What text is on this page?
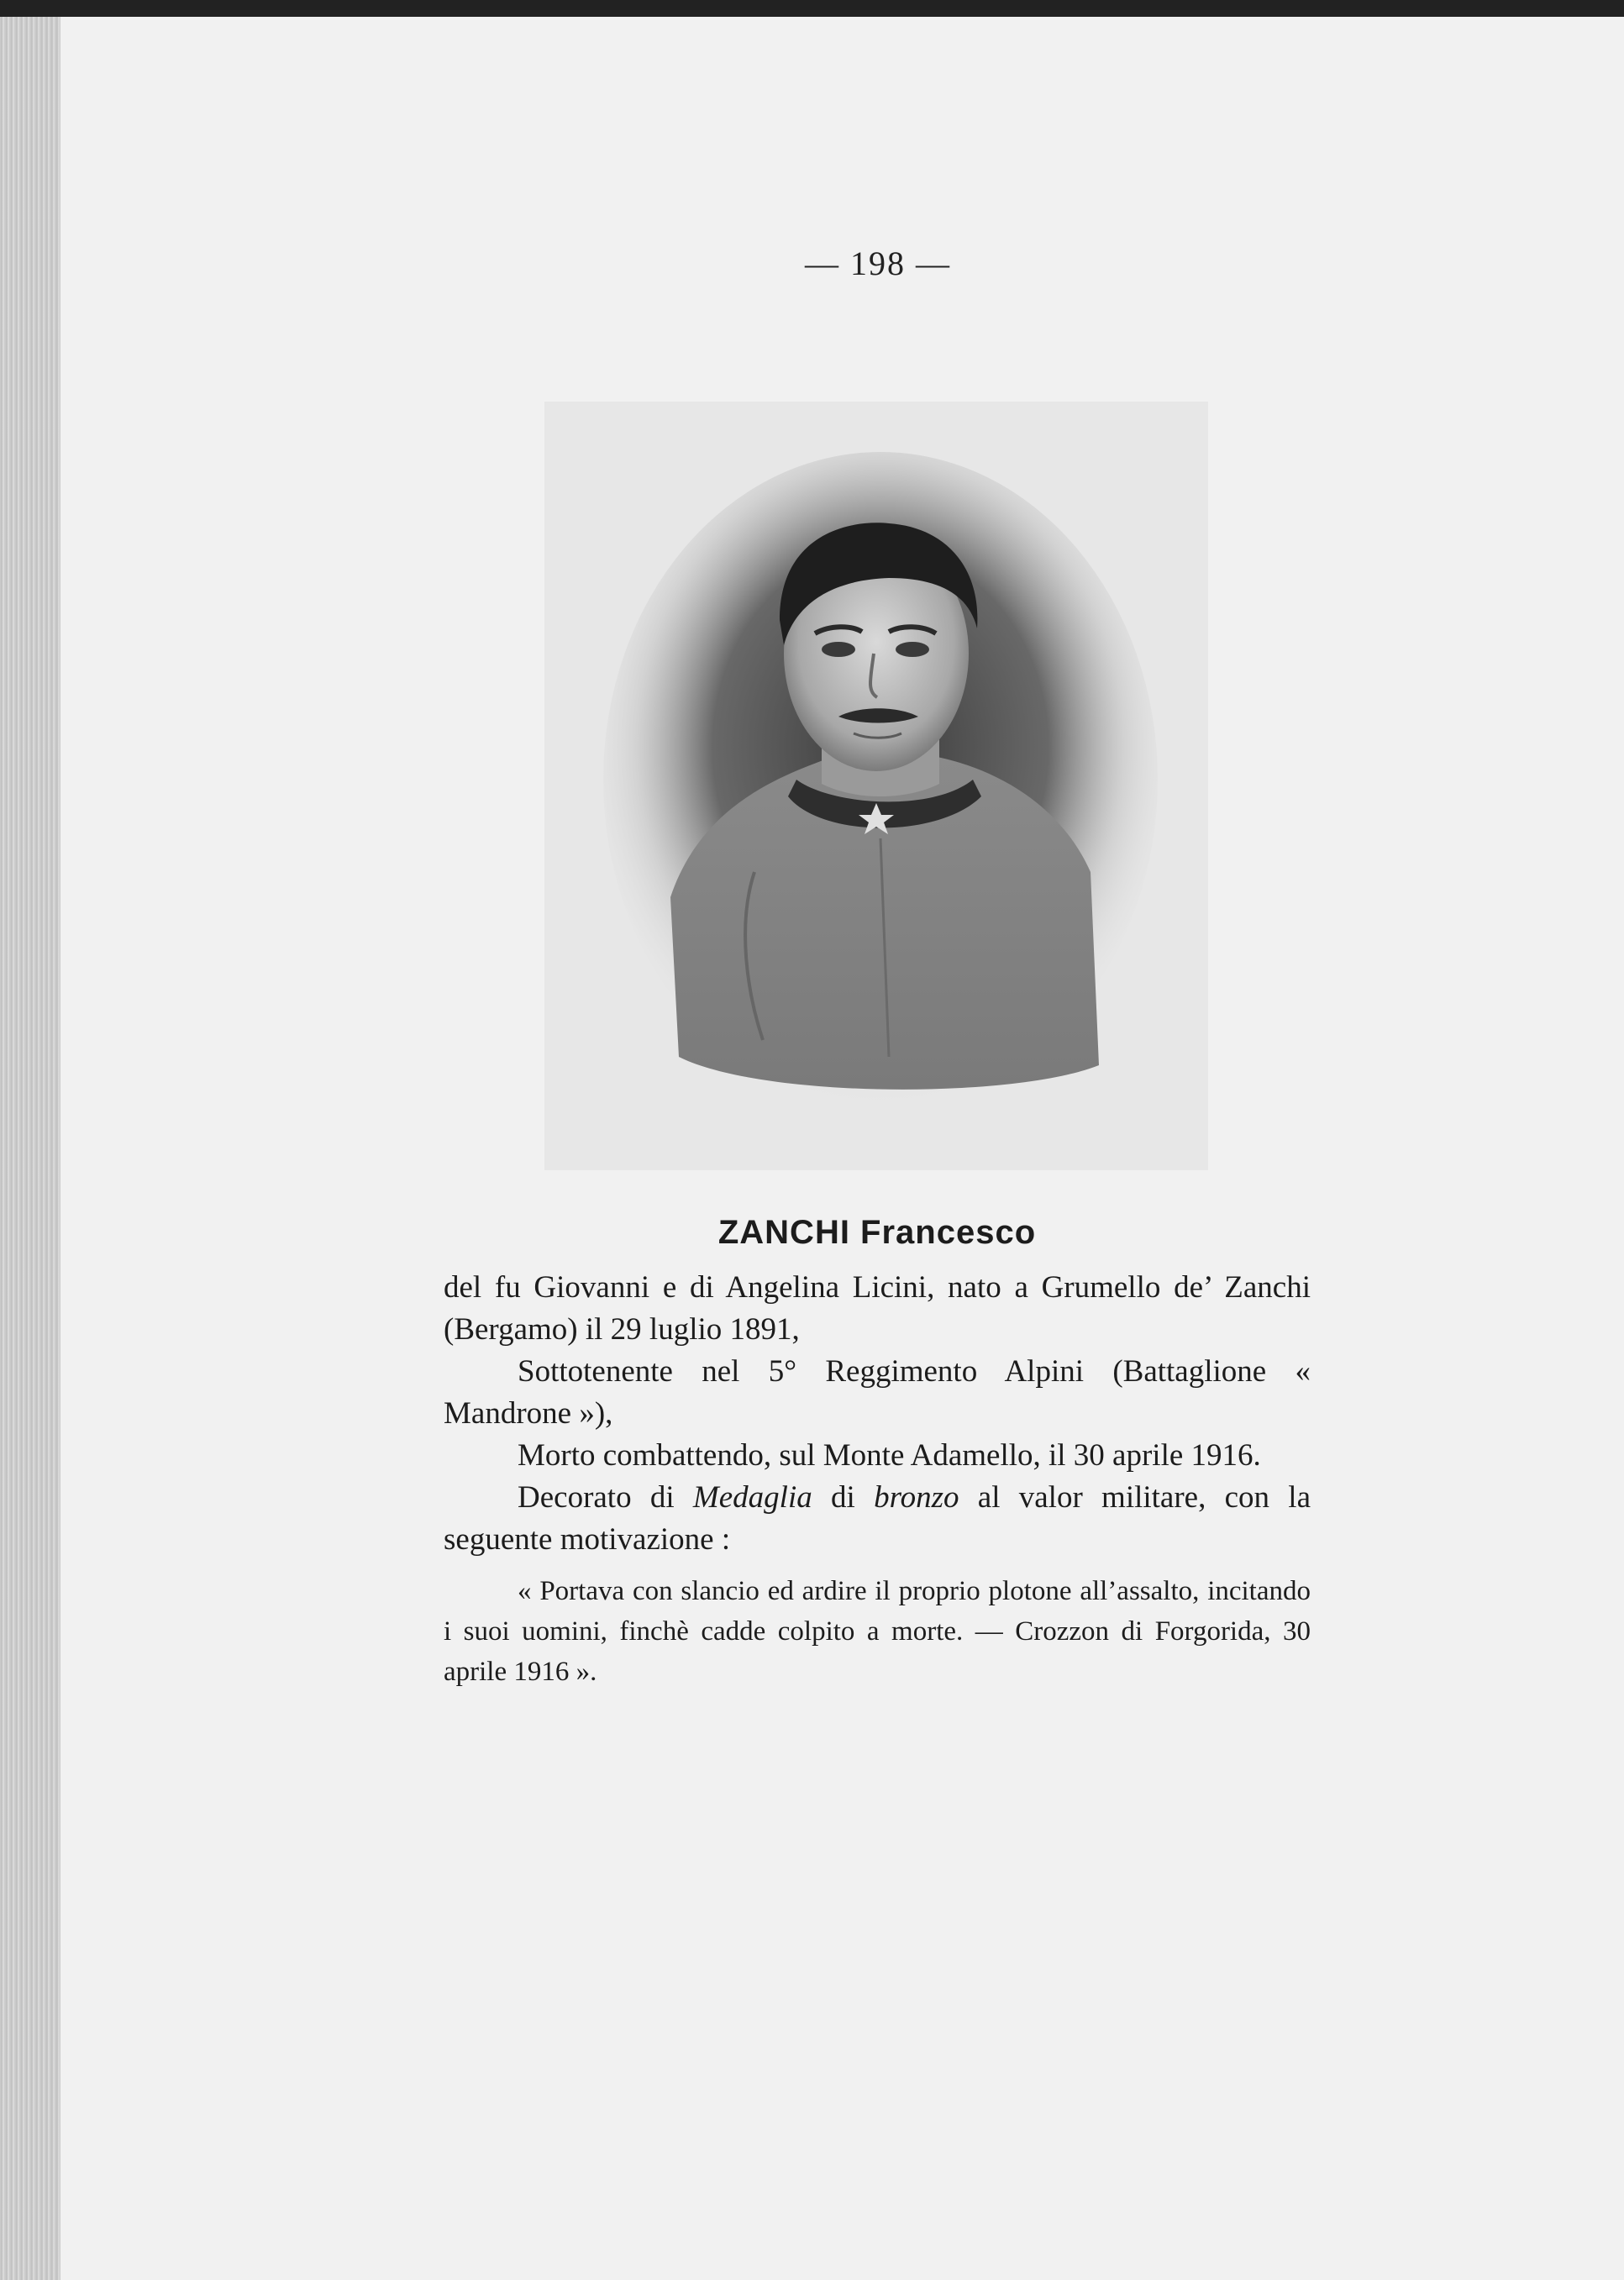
— 198 —
ZANCHI Francesco

del fu Giovanni e di Angelina Licini, nato a Grumello de’ Zanchi (Bergamo) il 29 luglio 1891,

Sottotenente nel 5° Reggimento Alpini (Battaglione « Mandrone »),

Morto combattendo, sul Monte Adamello, il 30 aprile 1916.

Decorato di Medaglia di bronzo al valor militare, con la seguente motivazione :

« Portava con slancio ed ardire il proprio plotone all’assalto, incitando i suoi uomini, finchè cadde colpito a morte. — Crozzon di Forgorida, 30 aprile 1916 ».
